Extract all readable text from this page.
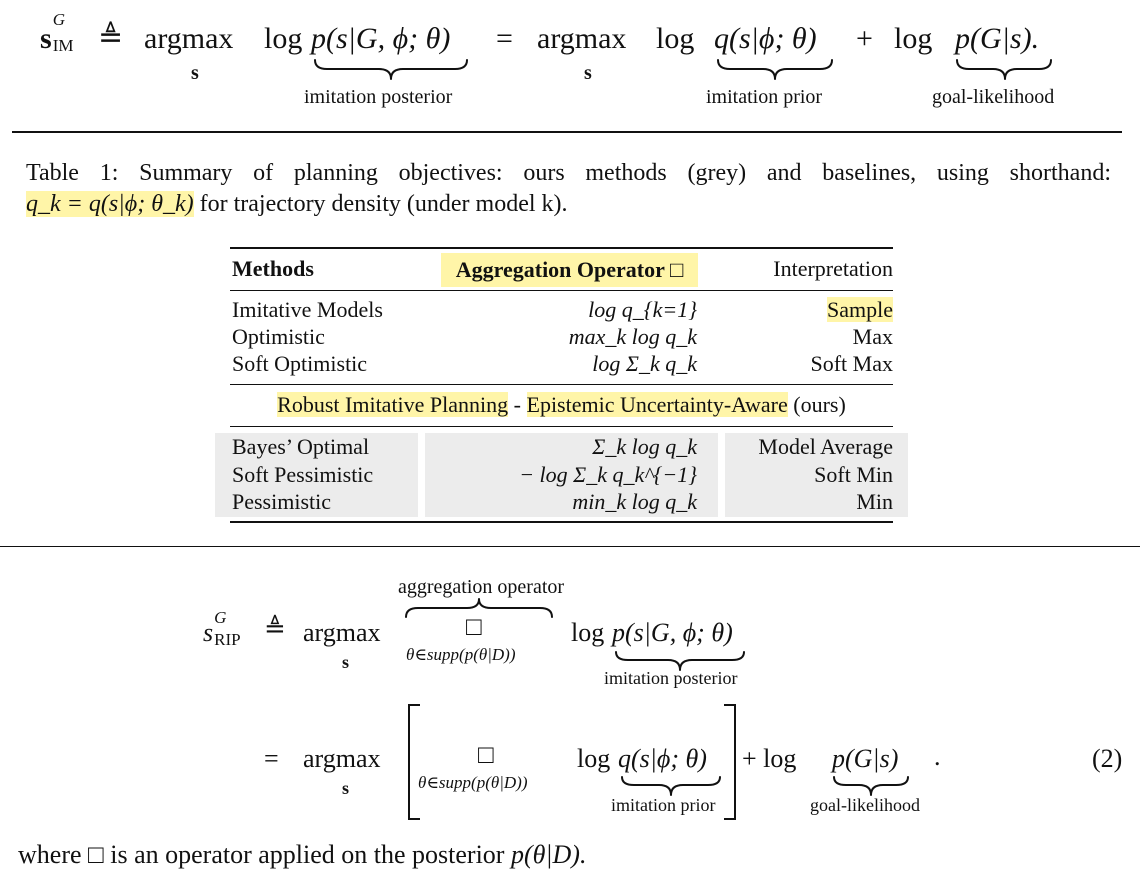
s
G
IM ≜ argmax
s
log p(s|G, ϕ; θ)
imitation posterior
= argmax
s
log q(s|ϕ; θ)
imitation prior
+ log p(G|s).
goal-likelihood
Table 1: Summary of planning objectives: ours methods (grey) and baselines, using shorthand:
q_k = q(s|ϕ; θ_k) for trajectory density (under model k).
Methods	Aggregation Operator □	Interpretation
Imitative Models	log q_{k=1}	Sample
Optimistic	max_k log q_k	Max
Soft Optimistic	log Σ_k q_k	Soft Max
Robust Imitative Planning - Epistemic Uncertainty-Aware (ours)
Bayes’ Optimal	Σ_k log q_k	Model Average
Soft Pessimistic	− log Σ_k q_k^{−1}	Soft Min
Pessimistic	min_k log q_k	Min
aggregation operator
s
G
RIP ≜ argmax
s
□
θ∈supp(p(θ|D))
log p(s|G, ϕ; θ)
imitation posterior
= argmax
s
□
θ∈supp(p(θ|D))
log q(s|ϕ; θ)
imitation prior
+ log p(G|s)
goal-likelihood
.	(2)
where □ is an operator applied on the posterior p(θ|D).
